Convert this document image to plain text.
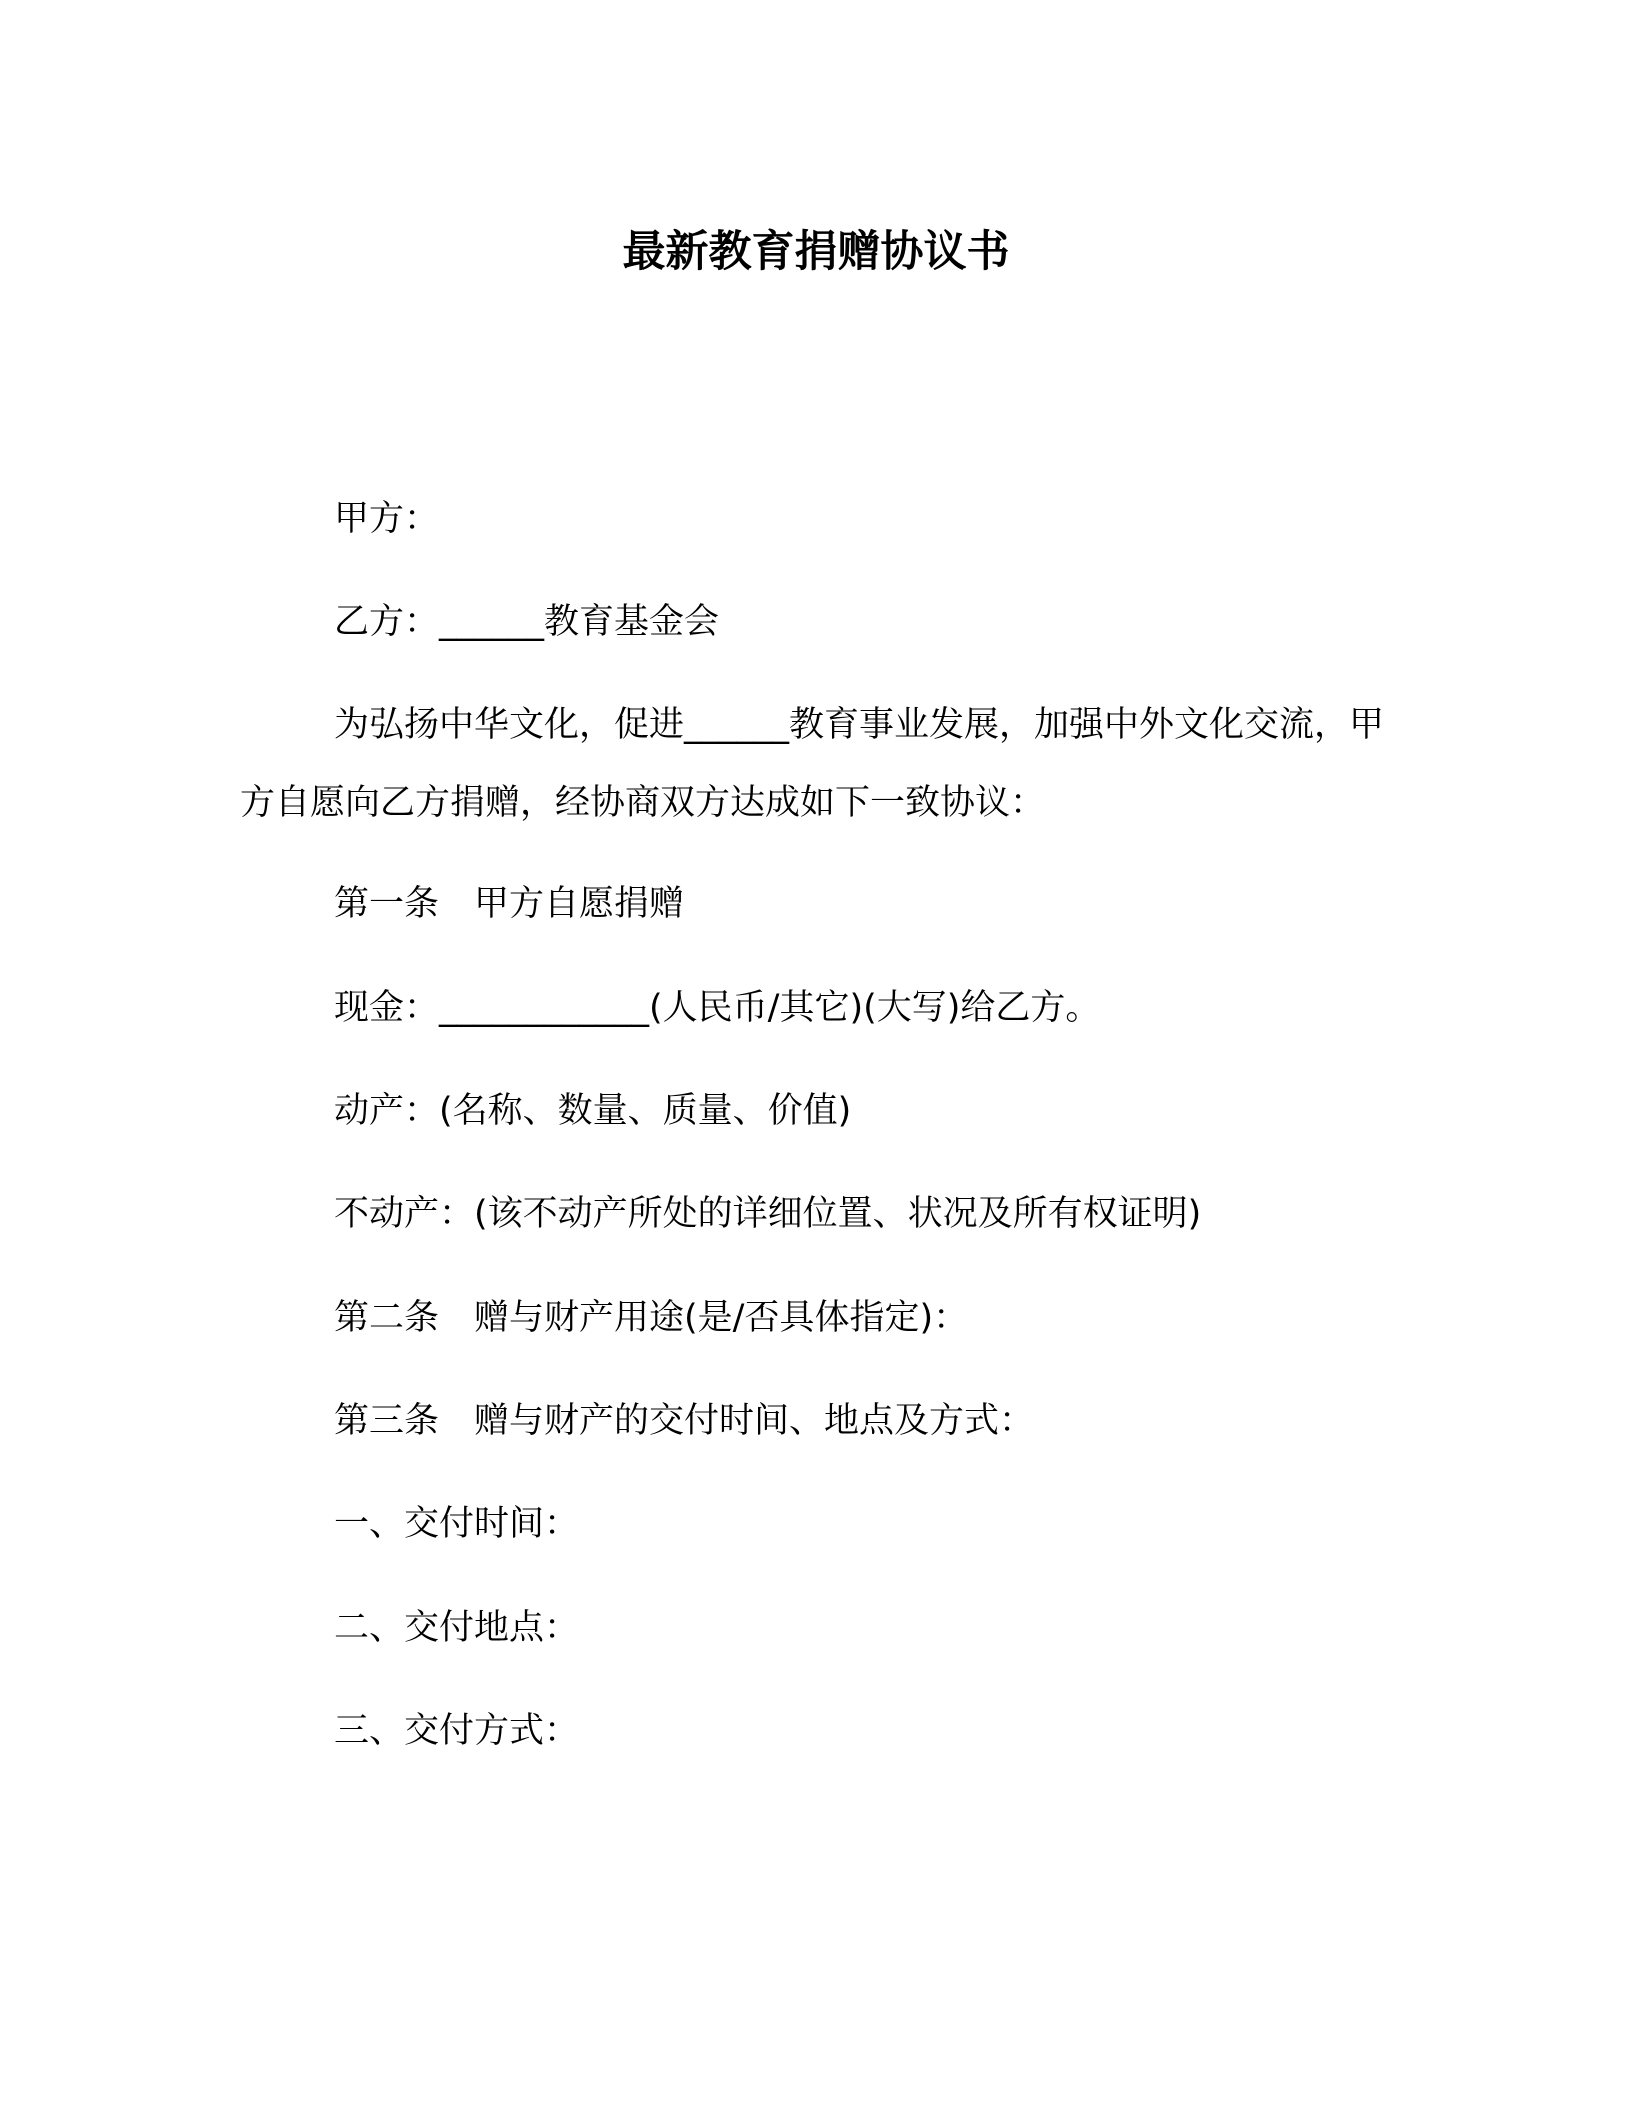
最新教育捐赠协议书
甲方：
乙方：______教育基金会
为弘扬中华文化，促进______教育事业发展，加强中外文化交流，甲方自愿向乙方捐赠，经协商双方达成如下一致协议：
第一条　甲方自愿捐赠
现金：____________(人民币/其它)(大写)给乙方。
动产：(名称、数量、质量、价值)
不动产：(该不动产所处的详细位置、状况及所有权证明)
第二条　赠与财产用途(是/否具体指定)：
第三条　赠与财产的交付时间、地点及方式：
一、交付时间：
二、交付地点：
三、交付方式：
